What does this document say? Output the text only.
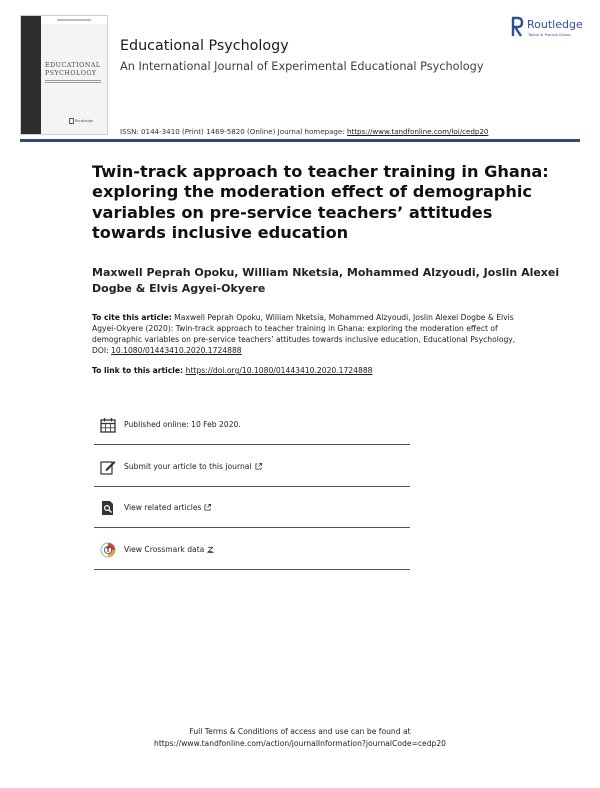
EDUCATIONAL
PSYCHOLOGY
Routledge
Educational Psychology
An International Journal of Experimental Educational Psychology
ISSN: 0144-3410 (Print) 1469-5820 (Online) Journal homepage: https://www.tandfonline.com/loi/cedp20
Routledge
Taylor & Francis Group
Twin-track approach to teacher training in Ghana: exploring the moderation effect of demographic variables on pre-service teachers’ attitudes towards inclusive education
Maxwell Peprah Opoku, William Nketsia, Mohammed Alzyoudi, Joslin Alexei Dogbe & Elvis Agyei-Okyere
To cite this article: Maxwell Peprah Opoku, William Nketsia, Mohammed Alzyoudi, Joslin Alexei Dogbe & Elvis Agyei-Okyere (2020): Twin-track approach to teacher training in Ghana: exploring the moderation effect of demographic variables on pre-service teachers’ attitudes towards inclusive education, Educational Psychology, DOI: 10.1080/01443410.2020.1724888
To link to this article: https://doi.org/10.1080/01443410.2020.1724888
Published online: 10 Feb 2020.
Submit your article to this journal
View related articles
View Crossmark data
Full Terms & Conditions of access and use can be found at
https://www.tandfonline.com/action/journalInformation?journalCode=cedp20
